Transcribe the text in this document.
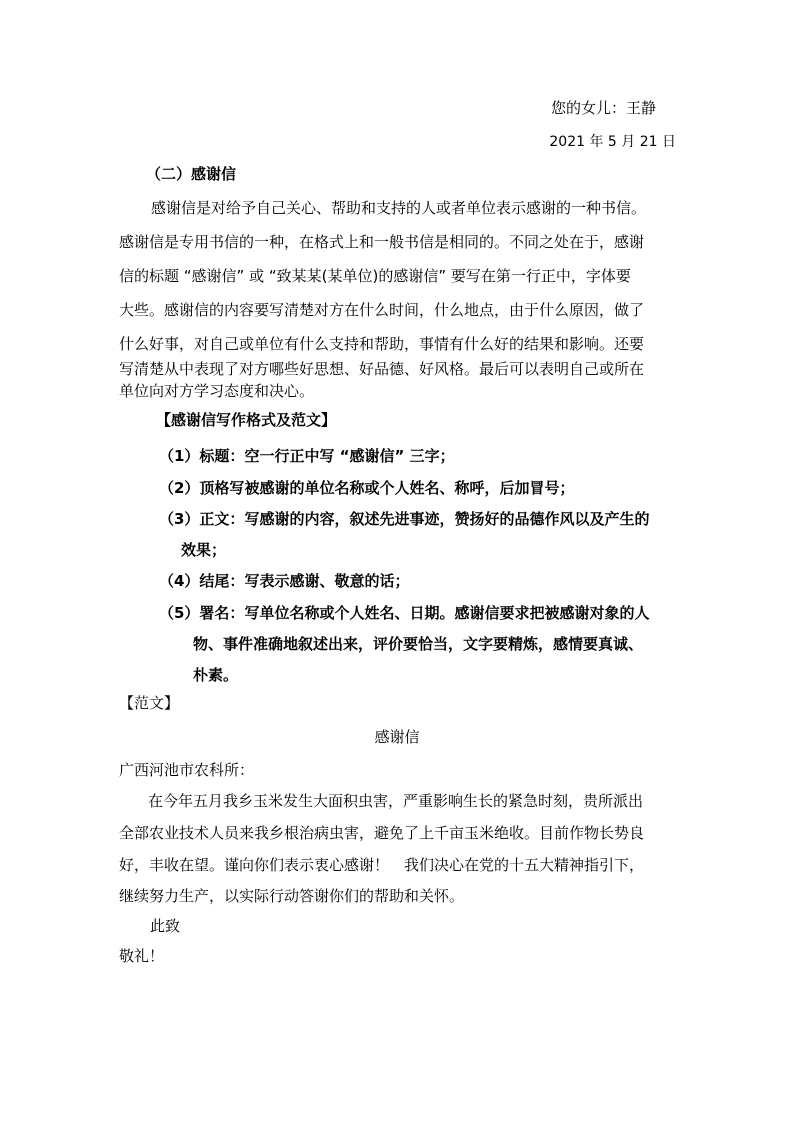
您的女儿：王静
2021 年 5 月 21 日
（二）感谢信
感谢信是对给予自己关心、帮助和支持的人或者单位表示感谢的一种书信。
感谢信是专用书信的一种，在格式上和一般书信是相同的。不同之处在于，感谢
信的标题 “感谢信” 或 “致某某(某单位)的感谢信” 要写在第一行正中，字体要
大些。感谢信的内容要写清楚对方在什么时间，什么地点，由于什么原因，做了
什么好事，对自己或单位有什么支持和帮助，事情有什么好的结果和影响。还要
写清楚从中表现了对方哪些好思想、好品德、好风格。最后可以表明自己或所在
单位向对方学习态度和决心。
【感谢信写作格式及范文】
（1）标题：空一行正中写 “感谢信” 三字；
（2）顶格写被感谢的单位名称或个人姓名、称呼，后加冒号；
（3）正文：写感谢的内容，叙述先进事迹，赞扬好的品德作风以及产生的
效果；
（4）结尾：写表示感谢、敬意的话；
（5）署名：写单位名称或个人姓名、日期。感谢信要求把被感谢对象的人
物、事件准确地叙述出来，评价要恰当，文字要精炼，感情要真诚、
朴素。
【范文】
感谢信
广西河池市农科所：
在今年五月我乡玉米发生大面积虫害，严重影响生长的紧急时刻，贵所派出
全部农业技术人员来我乡根治病虫害，避免了上千亩玉米绝收。目前作物长势良
好，丰收在望。谨向你们表示衷心感谢！　我们决心在党的十五大精神指引下，
继续努力生产，以实际行动答谢你们的帮助和关怀。
此致
敬礼！
